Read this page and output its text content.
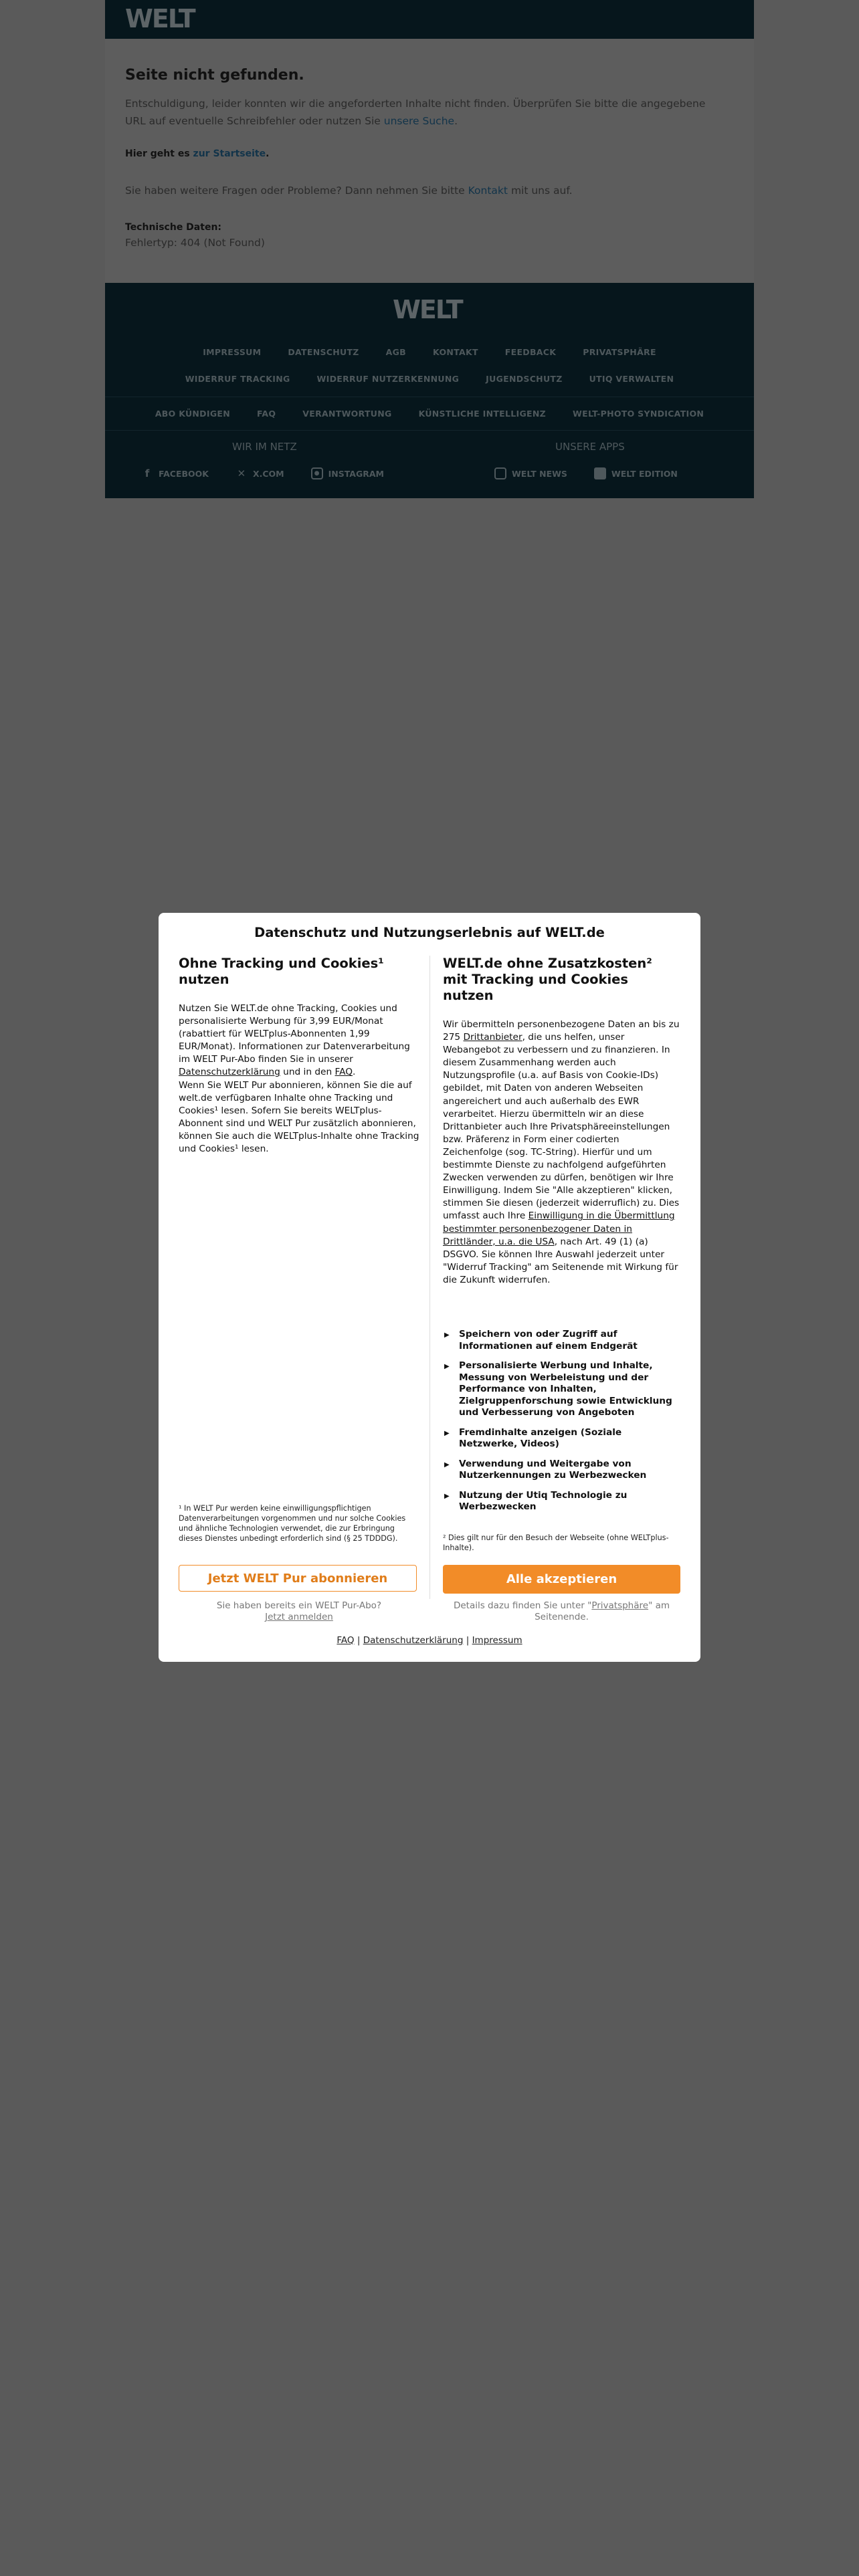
WELT
Seite nicht gefunden.

Entschuldigung, leider konnten wir die angeforderten Inhalte nicht finden. Überprüfen Sie bitte die angegebene URL auf eventuelle Schreibfehler oder nutzen Sie unsere Suche.

Hier geht es zur Startseite.

Sie haben weitere Fragen oder Probleme? Dann nehmen Sie bitte Kontakt mit uns auf.

Technische Daten:

Fehlertyp: 404 (Not Found)

WELT
IMPRESSUM	DATENSCHUTZ	AGB	KONTAKT	FEEDBACK	PRIVATSPHÄRE
WIDERRUF TRACKING	WIDERRUF NUTZERKENNUNG	JUGENDSCHUTZ	UTIQ VERWALTEN
ABO KÜNDIGEN	FAQ	VERANTWORTUNG	KÜNSTLICHE INTELLIGENZ	WELT-PHOTO SYNDICATION
WIR IM NETZ	UNSERE APPS
f	FACEBOOK	✕ X.COM	●	INSTAGRAM	WELT NEWS	WELT EDITION
Datenschutz und Nutzungserlebnis auf WELT.de
Ohne Tracking und Cookies¹ nutzen

Nutzen Sie WELT.de ohne Tracking, Cookies und personalisierte Werbung für 3,99 EUR/Monat (rabattiert für WELTplus-Abonnenten 1,99 EUR/Monat). Informationen zur Datenverarbeitung im WELT Pur-Abo finden Sie in unserer Datenschutzerklärung und in den FAQ.
Wenn Sie WELT Pur abonnieren, können Sie die auf welt.de verfügbaren Inhalte ohne Tracking und Cookies¹ lesen. Sofern Sie bereits WELTplus-Abonnent sind und WELT Pur zusätzlich abonnieren, können Sie auch die WELTplus-Inhalte ohne Tracking und Cookies¹ lesen.

WELT.de ohne Zusatzkosten² mit Tracking und Cookies nutzen

Wir übermitteln personenbezogene Daten an bis zu 275 Drittanbieter, die uns helfen, unser Webangebot zu verbessern und zu finanzieren. In diesem Zusammenhang werden auch Nutzungsprofile (u.a. auf Basis von Cookie-IDs) gebildet, mit Daten von anderen Webseiten angereichert und auch außerhalb des EWR verarbeitet. Hierzu übermitteln wir an diese Drittanbieter auch Ihre Privatsphäreeinstellungen bzw. Präferenz in Form einer codierten Zeichenfolge (sog. TC-String). Hierfür und um bestimmte Dienste zu nachfolgend aufgeführten Zwecken verwenden zu dürfen, benötigen wir Ihre Einwilligung. Indem Sie "Alle akzeptieren" klicken, stimmen Sie diesen (jederzeit widerruflich) zu. Dies umfasst auch Ihre Einwilligung in die Übermittlung bestimmter personenbezogener Daten in Drittländer, u.a. die USA, nach Art. 49 (1) (a) DSGVO. Sie können Ihre Auswahl jederzeit unter "Widerruf Tracking" am Seitenende mit Wirkung für die Zukunft widerrufen.

▶ Speichern von oder Zugriff auf Informationen auf einem Endgerät
▶ Personalisierte Werbung und Inhalte, Messung von Werbeleistung und der Performance von Inhalten, Zielgruppenforschung sowie Entwicklung und Verbesserung von Angeboten
▶ Fremdinhalte anzeigen (Soziale Netzwerke, Videos)
▶ Verwendung und Weitergabe von Nutzerkennungen zu Werbezwecken
▶ Nutzung der Utiq Technologie zu Werbezwecken

¹ In WELT Pur werden keine einwilligungspflichtigen Datenverarbeitungen vorgenommen und nur solche Cookies und ähnliche Technologien verwendet, die zur Erbringung dieses Dienstes unbedingt erforderlich sind (§ 25 TDDDG).	² Dies gilt nur für den Besuch der Webseite (ohne WELTplus-Inhalte).

Jetzt WELT Pur abonnieren	Alle akzeptieren

Sie haben bereits ein WELT Pur-Abo?
Jetzt anmelden

Details dazu finden Sie unter "Privatsphäre" am Seitenende.

FAQ | Datenschutzerklärung | Impressum
